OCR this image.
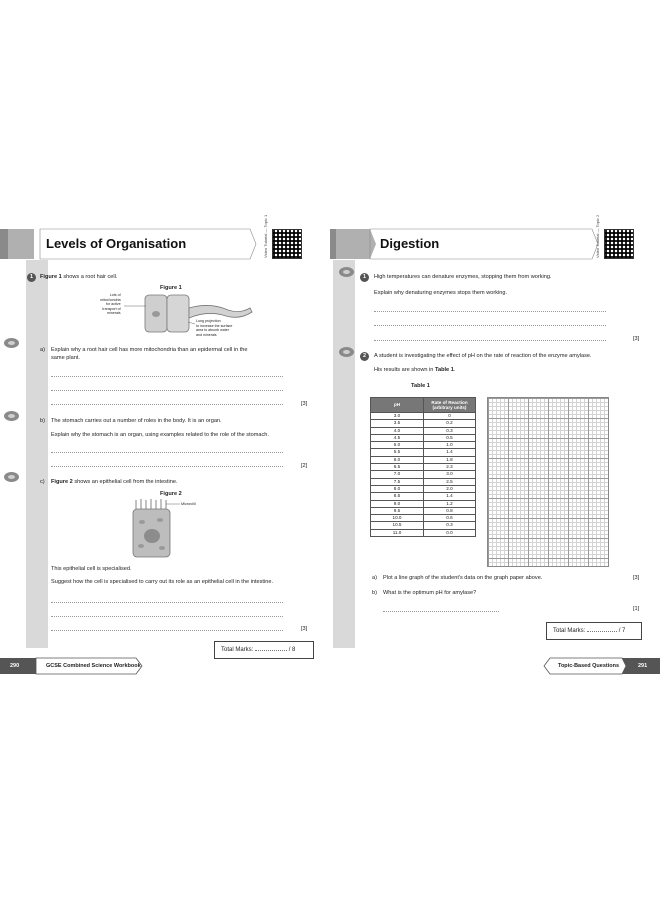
Levels of Organisation	Video Tutorial — Topic 1
1	Figure 1 shows a root hair cell.
Figure 1
Lots of
mitochondria
for active
transport of
minerals
Long projection
to increase the surface
area to absorb water
and minerals
a) Explain why a root hair cell has more mitochondria than an epidermal cell in the
same plant.
[3]
b) The stomach carries out a number of roles in the body. It is an organ.
Explain why the stomach is an organ, using examples related to the role of the stomach.
[2]
c) Figure 2 shows an epithelial cell from the intestine.
Figure 2
Microvilli
This epithelial cell is specialised.
Suggest how the cell is specialised to carry out its role as an epithelial cell in the intestine.
[3]
Total Marks:	/ 8
290	GCSE Combined Science Workbook
Digestion	Video Tutorial — Topic 2
1	High temperatures can denature enzymes, stopping them from working.
Explain why denaturing enzymes stops them working.
[3]
2	A student is investigating the effect of pH on the rate of reaction of the enzyme amylase.
His results are shown in Table 1.
Table 1
pH	Rate of Reaction (arbitrary units)
3.0	0
3.5	0.2
4.0	0.3
4.5	0.5
5.0	1.0
5.5	1.4
6.0	1.8
6.5	2.3
7.0	3.0
7.5	2.5
8.0	2.0
8.5	1.4
9.0	1.2
9.5	0.8
10.0	0.6
10.5	0.3
11.0	0.0
a) Plot a line graph of the student's data on the graph paper above.	[3]
b) What is the optimum pH for amylase?
[1]
Total Marks:	/ 7
Topic-Based Questions	291
